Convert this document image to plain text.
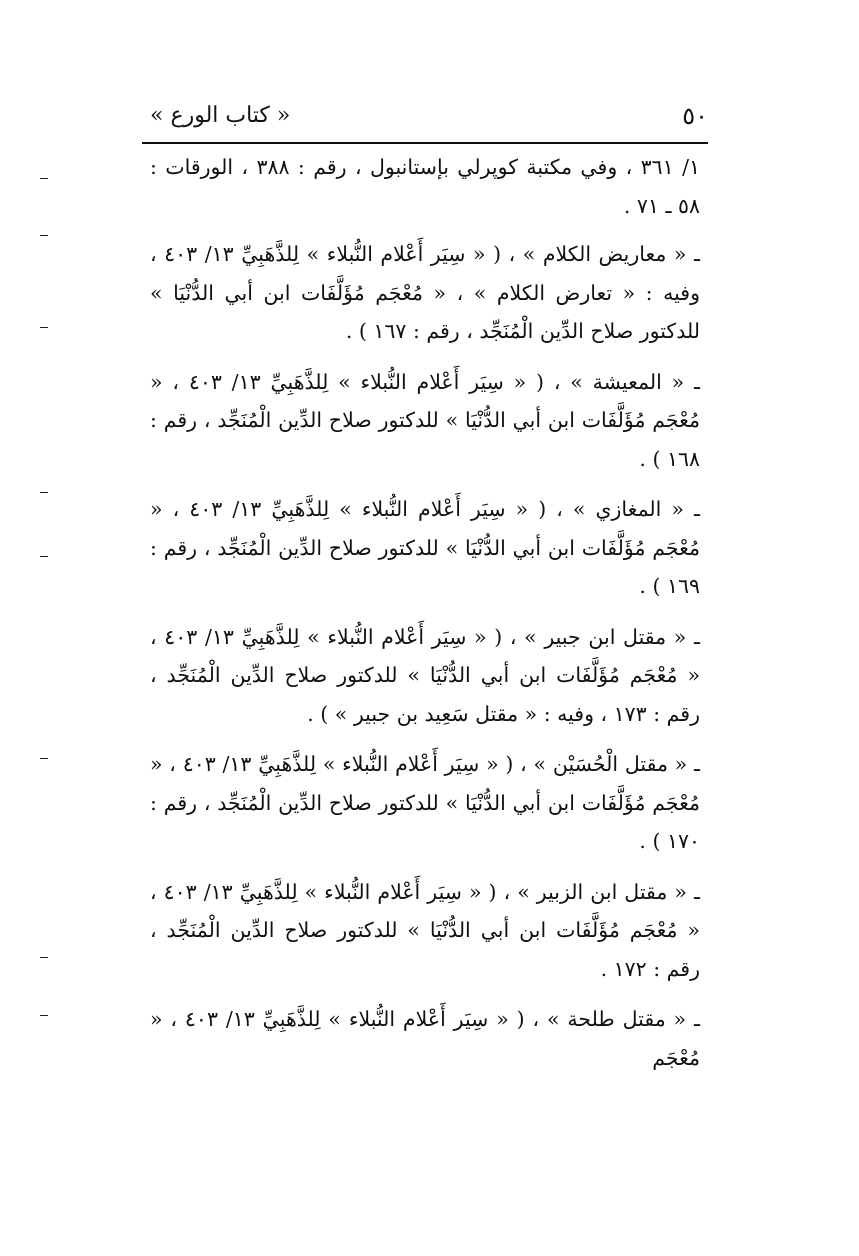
٥٠
« كتاب الورع »

١/ ٣٦١ ، وفي مكتبة كوپرلي بإستانبول ، رقم : ٣٨٨ ، الورقات : ٥٨ ـ ٧١ .

ـ « معاريض الكلام » ، ( « سِيَر أَعْلام النُّبلاء » لِلذَّهَبِيِّ ١٣/ ٤٠٣ ، وفيه : « تعارض الكلام » ، « مُعْجَم مُؤَلَّفَات ابن أبي الدُّنْيَا » للدكتور صلاح الدِّين الْمُنَجِّد ، رقم : ١٦٧ ) .

ـ « المعيشة » ، ( « سِيَر أَعْلام النُّبلاء » لِلذَّهَبِيِّ ١٣/ ٤٠٣ ، « مُعْجَم مُؤَلَّفَات ابن أبي الدُّنْيَا » للدكتور صلاح الدِّين الْمُنَجِّد ، رقم : ١٦٨ ) .

ـ « المغازي » ، ( « سِيَر أَعْلام النُّبلاء » لِلذَّهَبِيِّ ١٣/ ٤٠٣ ، « مُعْجَم مُؤَلَّفَات ابن أبي الدُّنْيَا » للدكتور صلاح الدِّين الْمُنَجِّد ، رقم : ١٦٩ ) .

ـ « مقتل ابن جبير » ، ( « سِيَر أَعْلام النُّبلاء » لِلذَّهَبِيِّ ١٣/ ٤٠٣ ، « مُعْجَم مُؤَلَّفَات ابن أبي الدُّنْيَا » للدكتور صلاح الدِّين الْمُنَجِّد ، رقم : ١٧٣ ، وفيه : « مقتل سَعِيد بن جبير » ) .

ـ « مقتل الْحُسَيْن » ، ( « سِيَر أَعْلام النُّبلاء » لِلذَّهَبِيِّ ١٣/ ٤٠٣ ، « مُعْجَم مُؤَلَّفَات ابن أبي الدُّنْيَا » للدكتور صلاح الدِّين الْمُنَجِّد ، رقم : ١٧٠ ) .

ـ « مقتل ابن الزبير » ، ( « سِيَر أَعْلام النُّبلاء » لِلذَّهَبِيِّ ١٣/ ٤٠٣ ، « مُعْجَم مُؤَلَّفَات ابن أبي الدُّنْيَا » للدكتور صلاح الدِّين الْمُنَجِّد ، رقم : ١٧٢ .

ـ « مقتل طلحة » ، ( « سِيَر أَعْلام النُّبلاء » لِلذَّهَبِيِّ ١٣/ ٤٠٣ ، « مُعْجَم
